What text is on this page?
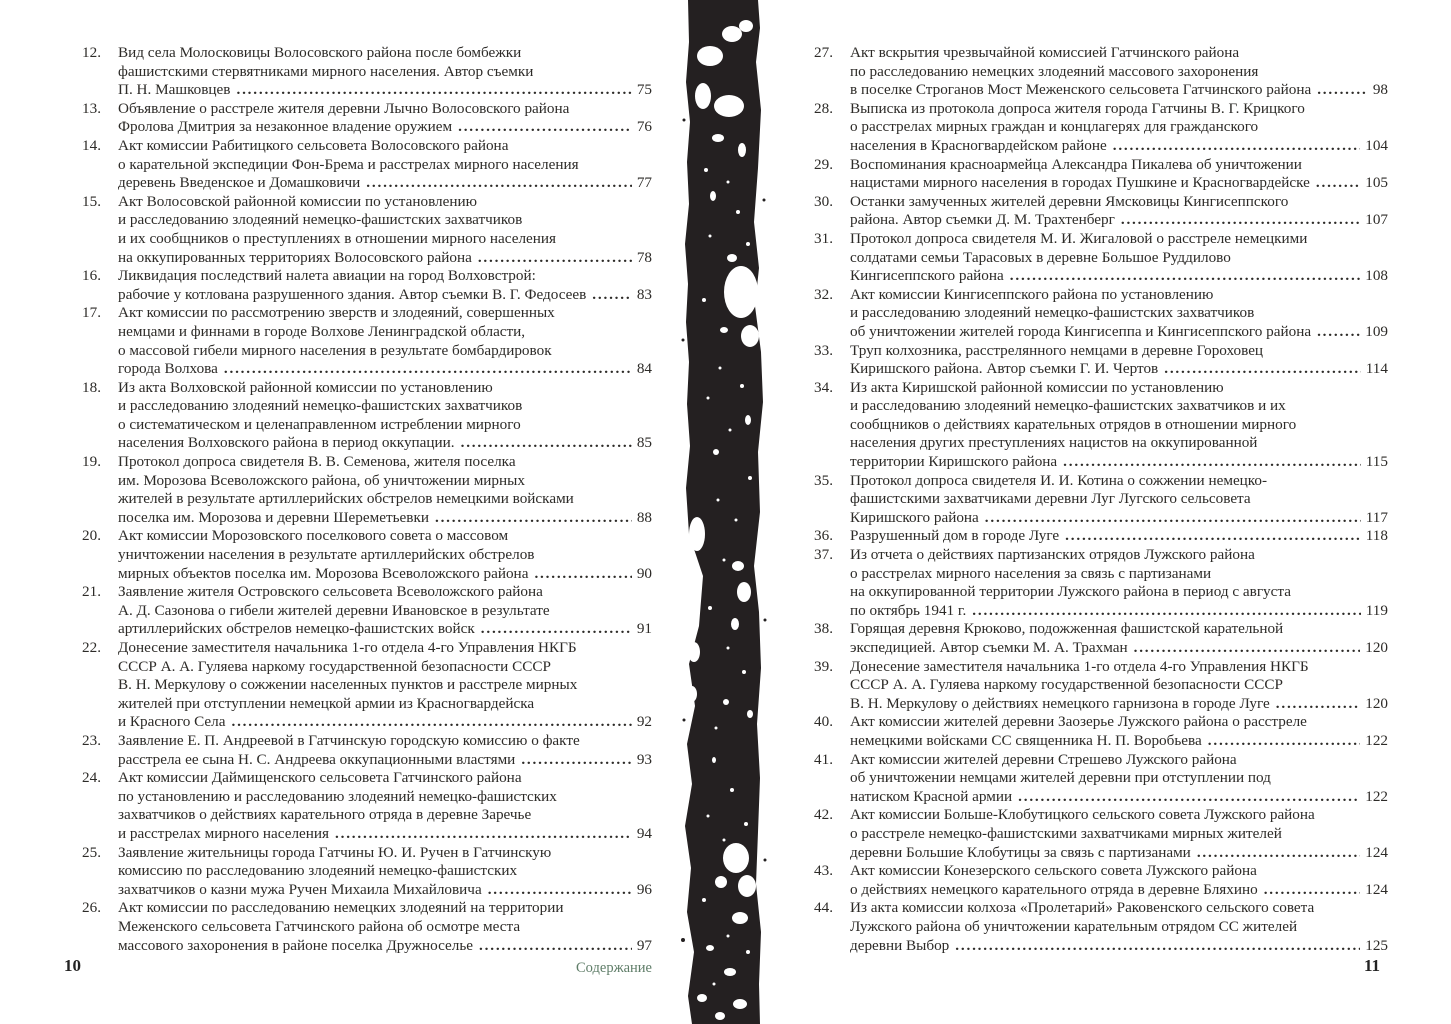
12.	Вид села Молосковицы Волосовского района после бомбежки
фашистскими стервятниками мирного населения. Автор съемки
П. Н. Машковцев . . .	75
13.	Объявление о расстреле жителя деревни Лычно Волосовского района
Фролова Дмитрия за незаконное владение оружием . . .	76
14.	Акт комиссии Рабитицкого сельсовета Волосовского района
о карательной экспедиции Фон-Брема и расстрелах мирного населения
деревень Введенское и Домашковичи . . .	77
15.	Акт Волосовской районной комиссии по установлению
и расследованию злодеяний немецко-фашистских захватчиков
и их сообщников о преступлениях в отношении мирного населения
на оккупированных территориях Волосовского района . . .	78
16.	Ликвидация последствий налета авиации на город Волховстрой:
рабочие у котлована разрушенного здания. Автор съемки В. Г. Федосеев . . .	83
17.	Акт комиссии по рассмотрению зверств и злодеяний, совершенных
немцами и финнами в городе Волхове Ленинградской области,
о массовой гибели мирного населения в результате бомбардировок
города Волхова . . .	84
18.	Из акта Волховской районной комиссии по установлению
и расследованию злодеяний немецко-фашистских захватчиков
о систематическом и целенаправленном истреблении мирного
населения Волховского района в период оккупации. . . .	85
19.	Протокол допроса свидетеля В. В. Семенова, жителя поселка
им. Морозова Всеволожского района, об уничтожении мирных
жителей в результате артиллерийских обстрелов немецкими войсками
поселка им. Морозова и деревни Шереметьевки . . .	88
20.	Акт комиссии Морозовского поселкового совета о массовом
уничтожении населения в результате артиллерийских обстрелов
мирных объектов поселка им. Морозова Всеволожского района . . .	90
21.	Заявление жителя Островского сельсовета Всеволожского района
А. Д. Сазонова о гибели жителей деревни Ивановское в результате
артиллерийских обстрелов немецко-фашистских войск . . .	91
22.	Донесение заместителя начальника 1-го отдела 4-го Управления НКГБ
СССР А. А. Гуляева наркому государственной безопасности СССР
В. Н. Меркулову о сожжении населенных пунктов и расстреле мирных
жителей при отступлении немецкой армии из Красногвардейска
и Красного Села . . .	92
23.	Заявление Е. П. Андреевой в Гатчинскую городскую комиссию о факте
расстрела ее сына Н. С. Андреева оккупационными властями . . .	93
24.	Акт комиссии Даймищенского сельсовета Гатчинского района
по установлению и расследованию злодеяний немецко-фашистских
захватчиков о действиях карательного отряда в деревне Заречье
и расстрелах мирного населения . . .	94
25.	Заявление жительницы города Гатчины Ю. И. Ручен в Гатчинскую
комиссию по расследованию злодеяний немецко-фашистских
захватчиков о казни мужа Ручен Михаила Михайловича . . .	96
26.	Акт комиссии по расследованию немецких злодеяний на территории
Меженского сельсовета Гатчинского района об осмотре места
массового захоронения в районе поселка Дружноселье . . .	97
27.	Акт вскрытия чрезвычайной комиссией Гатчинского района
по расследованию немецких злодеяний массового захоронения
в поселке Строганов Мост Меженского сельсовета Гатчинского района . . .	98
28.	Выписка из протокола допроса жителя города Гатчины В. Г. Крицкого
о расстрелах мирных граждан и концлагерях для гражданского
населения в Красногвардейском районе . . .	104
29.	Воспоминания красноармейца Александра Пикалева об уничтожении
нацистами мирного населения в городах Пушкине и Красногвардейске . . .	105
30.	Останки замученных жителей деревни Ямсковицы Кингисеппского
района. Автор съемки Д. М. Трахтенберг . . .	107
31.	Протокол допроса свидетеля М. И. Жигаловой о расстреле немецкими
солдатами семьи Тарасовых в деревне Большое Руддилово
Кингисеппского района . . .	108
32.	Акт комиссии Кингисеппского района по установлению
и расследованию злодеяний немецко-фашистских захватчиков
об уничтожении жителей города Кингисеппа и Кингисеппского района . . .	109
33.	Труп колхозника, расстрелянного немцами в деревне Гороховец
Киришского района. Автор съемки Г. И. Чертов . . .	114
34.	Из акта Киришской районной комиссии по установлению
и расследованию злодеяний немецко-фашистских захватчиков и их
сообщников о действиях карательных отрядов в отношении мирного
населения других преступлениях нацистов на оккупированной
территории Киришского района . . .	115
35.	Протокол допроса свидетеля И. И. Котина о сожжении немецко-
фашистскими захватчиками деревни Луг Лугского сельсовета
Киришского района . . .	117
36.	Разрушенный дом в городе Луге . . .	118
37.	Из отчета о действиях партизанских отрядов Лужского района
о расстрелах мирного населения за связь с партизанами
на оккупированной территории Лужского района в период с августа
по октябрь 1941 г. . . .	119
38.	Горящая деревня Крюково, подожженная фашистской карательной
экспедицией. Автор съемки М. А. Трахман . . .	120
39.	Донесение заместителя начальника 1-го отдела 4-го Управления НКГБ
СССР А. А. Гуляева наркому государственной безопасности СССР
В. Н. Меркулову о действиях немецкого гарнизона в городе Луге . . .	120
40.	Акт комиссии жителей деревни Заозерье Лужского района о расстреле
немецкими войсками СС священника Н. П. Воробьева . . .	122
41.	Акт комиссии жителей деревни Стрешево Лужского района
об уничтожении немцами жителей деревни при отступлении под
натиском Красной армии . . .	122
42.	Акт комиссии Больше-Клобутицкого сельского совета Лужского района
о расстреле немецко-фашистскими захватчиками мирных жителей
деревни Большие Клобутицы за связь с партизанами . . .	124
43.	Акт комиссии Конезерского сельского совета Лужского района
о действиях немецкого карательного отряда в деревне Бляхино . . .	124
44.	Из акта комиссии колхоза «Пролетарий» Раковенского сельского совета
Лужского района об уничтожении карательным отрядом СС жителей
деревни Выбор . . .	125
10	Содержание	11
